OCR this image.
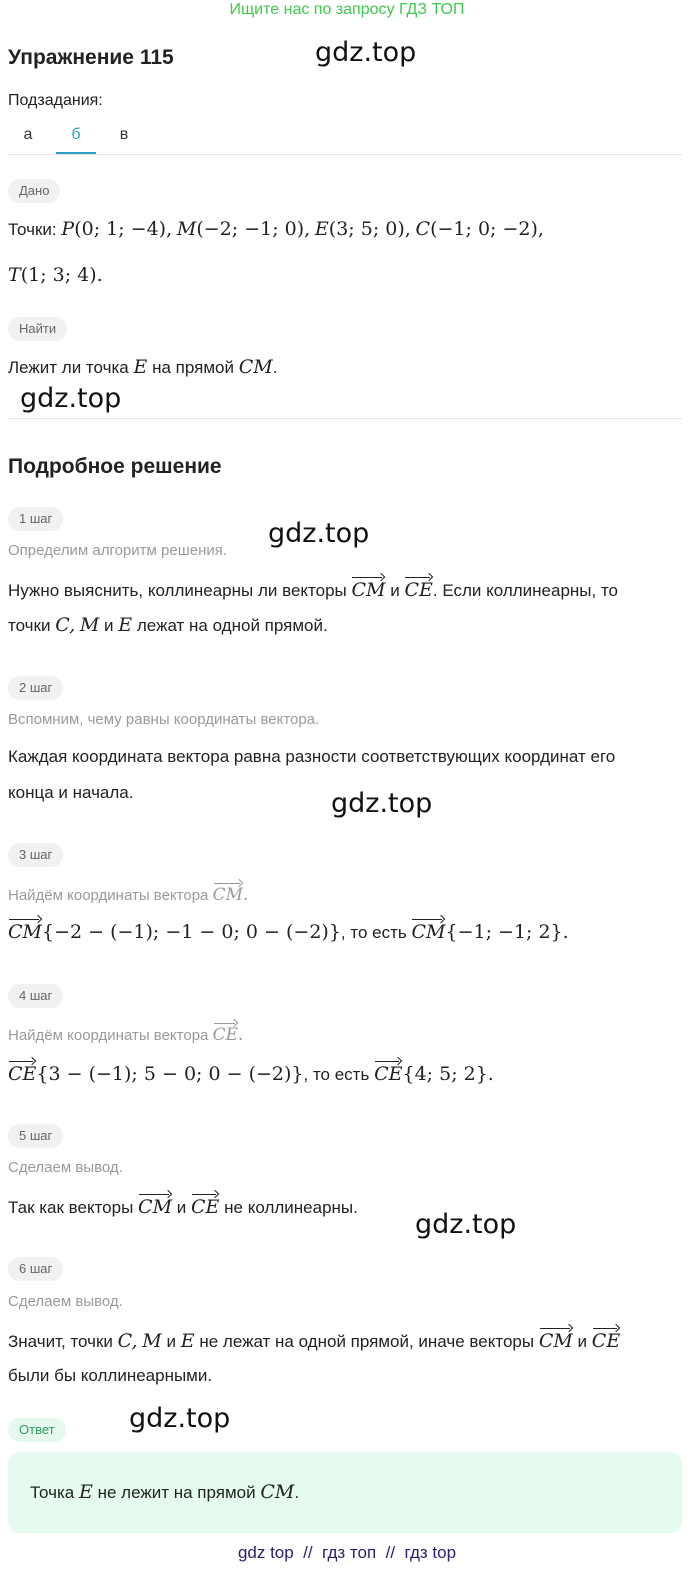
Ищите нас по запросу ГДЗ ТОП
Упражнение 115	gdz.top
Подзадания:
а	б	в
Дано
Точки: P(0; 1; −4), M(−2; −1; 0), E(3; 5; 0), C(−1; 0; −2),
T(1; 3; 4).
Найти
Лежит ли точка E на прямой CM.
gdz.top
Подробное решение
1 шаг
Определим алгоритм решения.
gdz.top
Нужно выяснить, коллинеарны ли векторы CM и CE. Если коллинеарны, то
точки C, M и E лежат на одной прямой.
2 шаг
Вспомним, чему равны координаты вектора.
Каждая координата вектора равна разности соответствующих координат его
конца и начала.	gdz.top
3 шаг
Найдём координаты вектора CM.
CM{−2 − (−1); −1 − 0; 0 − (−2)}, то есть CM{−1; −1; 2}.
4 шаг
Найдём координаты вектора CE.
CE{3 − (−1); 5 − 0; 0 − (−2)}, то есть CE{4; 5; 2}.
5 шаг
Сделаем вывод.
Так как векторы CM и CE не коллинеарны.
gdz.top
6 шаг
Сделаем вывод.
Значит, точки C, M и E не лежат на одной прямой, иначе векторы CM и CE
были бы коллинеарными.
Ответ	gdz.top
Точка E не лежит на прямой CM.
gdz top  //  гдз топ  //  гдз top
